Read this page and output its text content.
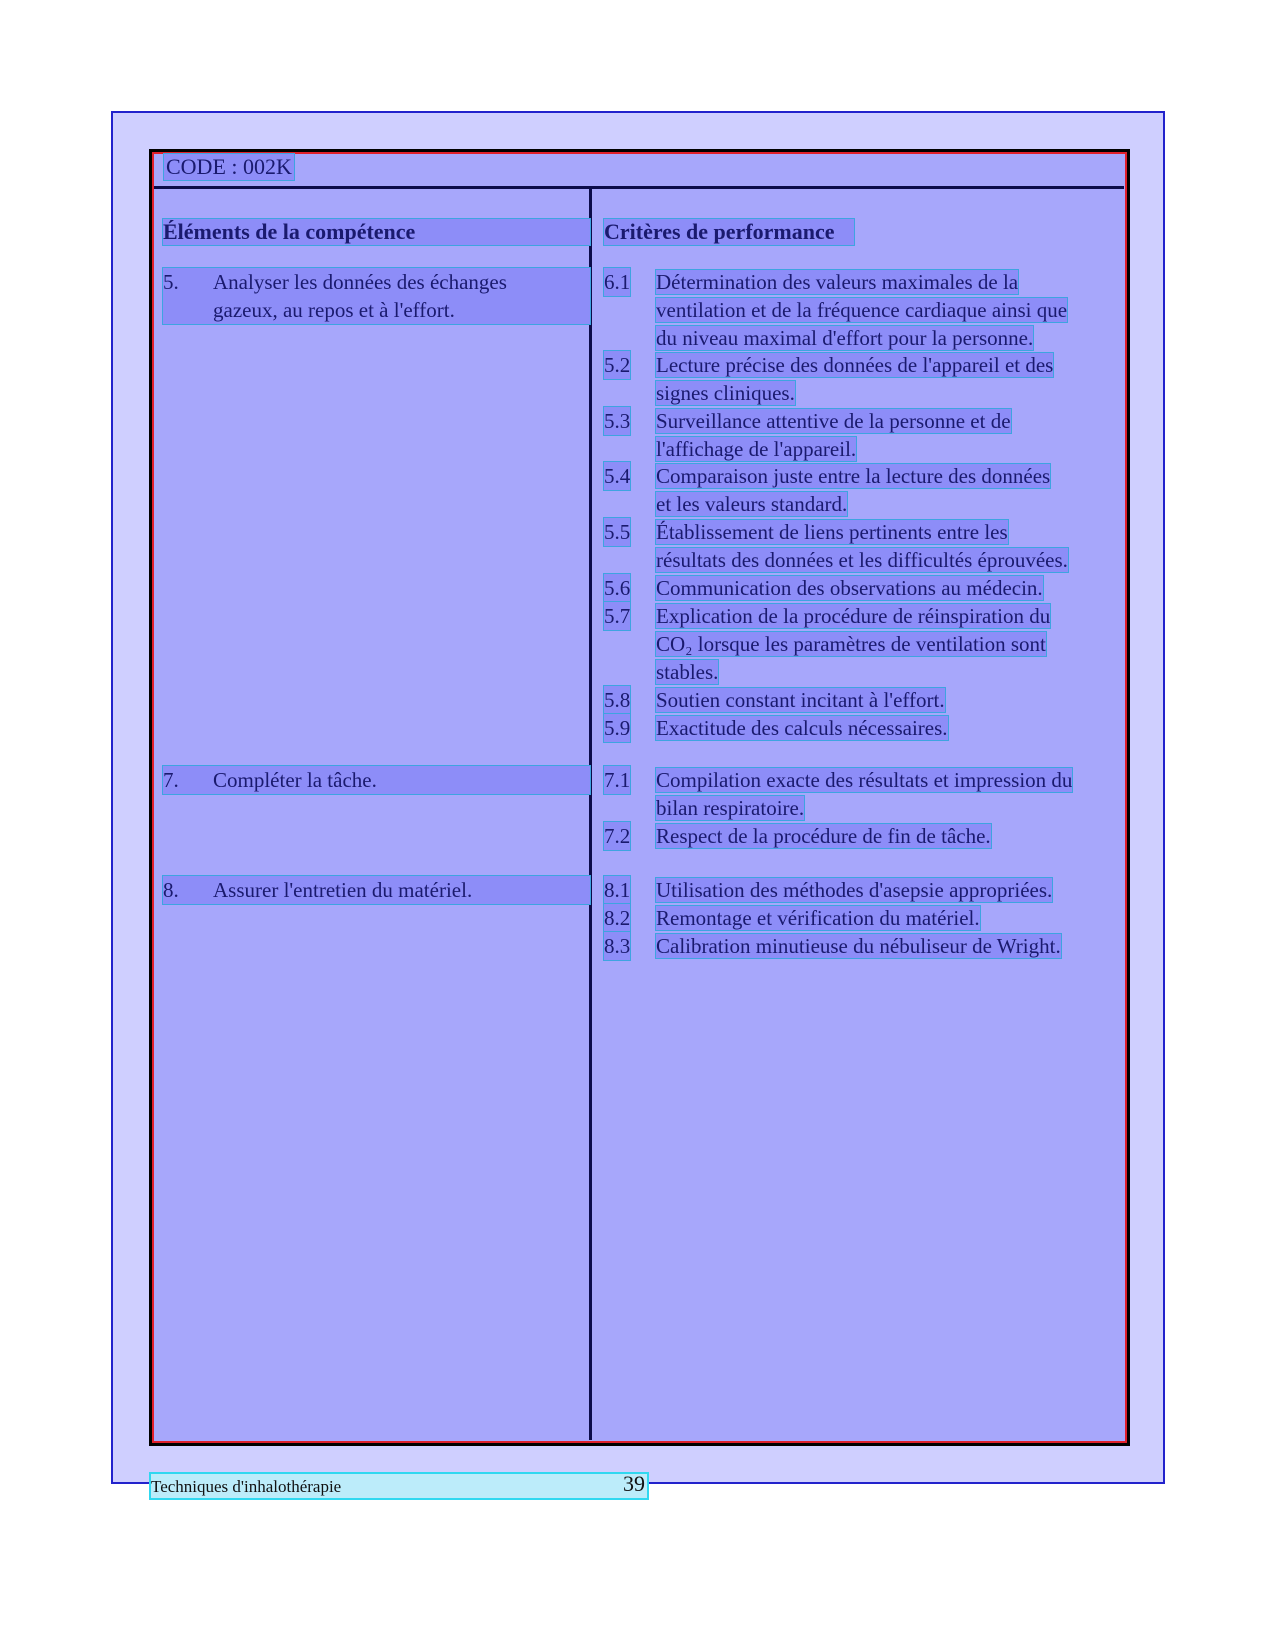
CODE : 002K
Éléments de la compétence	Critères de performance
5. Analyser les données des échanges
gazeux, au repos et à l'effort.
7. Compléter la tâche.
8. Assurer l'entretien du matériel.
6.1 Détermination des valeurs maximales de la
ventilation et de la fréquence cardiaque ainsi que
du niveau maximal d'effort pour la personne.
5.2 Lecture précise des données de l'appareil et des
signes cliniques.
5.3 Surveillance attentive de la personne et de
l'affichage de l'appareil.
5.4 Comparaison juste entre la lecture des données
et les valeurs standard.
5.5 Établissement de liens pertinents entre les
résultats des données et les difficultés éprouvées.
5.6 Communication des observations au médecin.
5.7 Explication de la procédure de réinspiration du
CO₂ lorsque les paramètres de ventilation sont
stables.
5.8 Soutien constant incitant à l'effort.
5.9 Exactitude des calculs nécessaires.
7.1 Compilation exacte des résultats et impression du
bilan respiratoire.
7.2 Respect de la procédure de fin de tâche.
8.1 Utilisation des méthodes d'asepsie appropriées.
8.2 Remontage et vérification du matériel.
8.3 Calibration minutieuse du nébuliseur de Wright.
Techniques d'inhalothérapie	39
